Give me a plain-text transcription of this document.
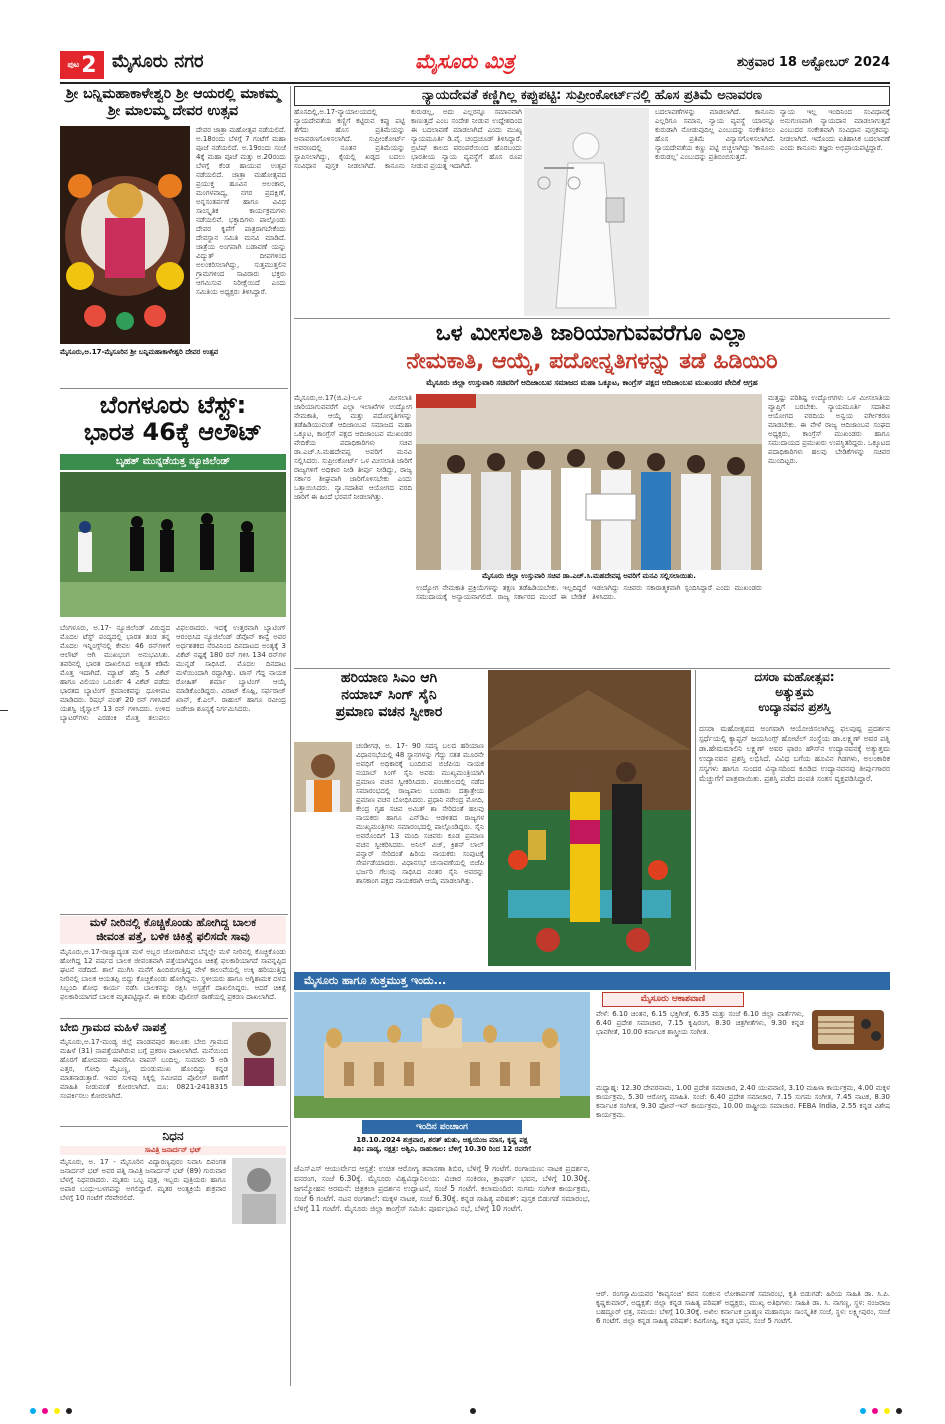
ಪುಟ 2 ಮೈಸೂರು ನಗರ	ಮೈಸೂರು ಮಿತ್ರ	ಶುಕ್ರವಾರ 18 ಅಕ್ಟೋಬರ್ 2024
ಶ್ರೀ ಬನ್ನಿಮಹಾಕಾಳೇಶ್ವರಿ ಶ್ರೀ ಆಯರಲ್ಲಿ ಮಾಕಮ್ಮ ಶ್ರೀ ಮಾಲಮ್ಮ ದೇವರ ಉತ್ಸವ
ದೇವರ ಜಾತ್ರಾ ಮಹೋತ್ಸವ ನಡೆಯಲಿದೆ. ಅ.18ರಂದು ಬೆಳಗ್ಗೆ 7 ಗಂಟೆಗೆ ಮಹಾ ಪೂಜೆ ನಡೆಯಲಿದೆ. ಅ.19ರಂದು ಸಂಜೆ 4ಕ್ಕೆ ಮಹಾ ಪೂಜೆ ಮತ್ತು ಅ.20ರಂದು ಬೆಳಗ್ಗೆ ಕೆಂಡ ಹಾಯುವ ಉತ್ಸವ ನಡೆಯಲಿದೆ. ಜಾತ್ರಾ ಮಹೋತ್ಸವದ ಪ್ರಯುಕ್ತ ಹೂವಿನ ಅಲಂಕಾರ, ಮಂಗಳವಾದ್ಯ, ನಗರ ಪ್ರದಕ್ಷಿಣೆ, ಅನ್ನಸಂತರ್ಪಣೆ ಹಾಗೂ ವಿವಿಧ ಸಾಂಸ್ಕೃತಿಕ ಕಾರ್ಯಕ್ರಮಗಳು ನಡೆಯಲಿವೆ. ಭಕ್ತಾದಿಗಳು ಪಾಲ್ಗೊಂಡು ದೇವರ ಕೃಪೆಗೆ ಪಾತ್ರರಾಗಬೇಕೆಂದು ದೇವಸ್ಥಾನ ಸಮಿತಿ ಮನವಿ ಮಾಡಿದೆ. ಜಾತ್ರೆಯ ಅಂಗವಾಗಿ ಬಡಾವಣೆ ಯನ್ನು ವಿದ್ಯುತ್ ದೀಪಗಳಿಂದ ಅಲಂಕರಿಸಲಾಗಿದ್ದು, ಸುತ್ತಮುತ್ತಲಿನ ಗ್ರಾಮಗಳಿಂದ ಸಾವಿರಾರು ಭಕ್ತರು ಆಗಮಿಸುವ ನಿರೀಕ್ಷೆಯಿದೆ ಎಂದು ಸಮಿತಿಯ ಅಧ್ಯಕ್ಷರು ತಿಳಿಸಿದ್ದಾರೆ.
ಮೈಸೂರು,ಅ.17-ಮೈಸೂರಿನ ಶ್ರೀ ಬನ್ನಿಮಹಾಕಾಳೇಶ್ವರಿ ದೇವರ ಉತ್ಸವ
ಬೆಂಗಳೂರು ಟೆಸ್ಟ್:
ಭಾರತ 46ಕ್ಕೆ ಆಲೌಟ್
ಬೃಹತ್ ಮುನ್ನಡೆಯತ್ತ ನ್ಯೂಜಿಲೆಂಡ್
ಬೆಂಗಳೂರು, ಅ.17- ನ್ಯೂಜಿಲೆಂಡ್ ವಿರುದ್ಧದ ಮೊದಲ ಟೆಸ್ಟ್ ಪಂದ್ಯದಲ್ಲಿ ಭಾರತ ತಂಡ ತನ್ನ ಮೊದಲ ಇನ್ನಿಂಗ್ಸ್‌ನಲ್ಲಿ ಕೇವಲ 46 ರನ್‌ಗಳಿಗೆ ಆಲೌಟ್ ಆಗಿ ಮುಖಭಂಗ ಅನುಭವಿಸಿತು. ತವರಿನಲ್ಲಿ ಭಾರತ ದಾಖಲಿಸಿದ ಅತ್ಯಂತ ಕಡಿಮೆ ಮೊತ್ತ ಇದಾಗಿದೆ. ಮ್ಯಾಟ್ ಹೆನ್ರಿ 5 ವಿಕೆಟ್ ಹಾಗೂ ವಿಲಿಯಂ ಒರೂರ್ಕೆ 4 ವಿಕೆಟ್ ಪಡೆದು ಭಾರತದ ಬ್ಯಾಟಿಂಗ್ ಕ್ರಮಾಂಕವನ್ನು ಧೂಳೀಪಟ ಮಾಡಿದರು. ರಿಷಭ್ ಪಂತ್ 20 ರನ್ ಗಳಿಸಿದರೆ ಯಶಸ್ವಿ ಜೈಸ್ವಾಲ್ 13 ರನ್ ಗಳಿಸಿದರು. ಉಳಿದ ಬ್ಯಾಟರ್‌ಗಳು ಎರಡಂಕಿ ಮೊತ್ತ ತಲುಪಲು ವಿಫಲರಾದರು. ಇದಕ್ಕೆ ಉತ್ತರವಾಗಿ ಬ್ಯಾಟಿಂಗ್ ಆರಂಭಿಸಿದ ನ್ಯೂಜಿಲೆಂಡ್ ಡೆವೊನ್ ಕಾನ್ವೆ ಅವರ ಅರ್ಧಶತಕದ ನೆರವಿನಿಂದ ದಿನದಾಟದ ಅಂತ್ಯಕ್ಕೆ 3 ವಿಕೆಟ್ ನಷ್ಟಕ್ಕೆ 180 ರನ್ ಗಳಿಸಿ 134 ರನ್‌ಗಳ ಮುನ್ನಡೆ ಸಾಧಿಸಿದೆ. ಮೊದಲ ದಿನದಾಟ ಮಳೆಯಿಂದಾಗಿ ರದ್ದಾಗಿತ್ತು. ಟಾಸ್ ಗೆದ್ದ ನಾಯಕ ರೋಹಿತ್ ಶರ್ಮಾ ಬ್ಯಾಟಿಂಗ್ ಆಯ್ಕೆ ಮಾಡಿಕೊಂಡಿದ್ದರು. ವಿರಾಟ್ ಕೊಹ್ಲಿ, ಸರ್ಫರಾಜ್ ಖಾನ್, ಕೆ.ಎಲ್. ರಾಹುಲ್ ಹಾಗೂ ರವೀಂದ್ರ ಜಡೇಜಾ ಶೂನ್ಯಕ್ಕೆ ನಿರ್ಗಮಿಸಿದರು.
ಮಳೆ ನೀರಿನಲ್ಲಿ ಕೊಚ್ಚಿಕೊಂಡು ಹೋಗಿದ್ದ ಬಾಲಕ
ಜೀವಂತ ಪತ್ತೆ, ಬಳಿಕ ಚಿಕಿತ್ಸೆ ಫಲಿಸದೇ ಸಾವು
ಮೈಸೂರು,ಅ.17-ರಾಜ್ಯಾದ್ಯಂತ ಮಳೆ ಅಬ್ಬರ ಜೋರಾಗಿರುವ ಬೆನ್ನಲ್ಲೇ ಮಳೆ ನೀರಿನಲ್ಲಿ ಕೊಚ್ಚಿಕೊಂಡು ಹೋಗಿದ್ದ 12 ವರ್ಷದ ಬಾಲಕ ಜೀವಂತವಾಗಿ ಪತ್ತೆಯಾಗಿದ್ದರೂ ಚಿಕಿತ್ಸೆ ಫಲಕಾರಿಯಾಗದೆ ಸಾವನ್ನಪ್ಪಿದ ಘಟನೆ ನಡೆದಿದೆ. ಶಾಲೆ ಮುಗಿಸಿ ಮನೆಗೆ ಹಿಂದಿರುಗುತ್ತಿದ್ದ ವೇಳೆ ಕಾಲುವೆಯಲ್ಲಿ ಉಕ್ಕಿ ಹರಿಯುತ್ತಿದ್ದ ನೀರಿನಲ್ಲಿ ಬಾಲಕ ಆಯತಪ್ಪಿ ಬಿದ್ದು ಕೊಚ್ಚಿಕೊಂಡು ಹೋಗಿದ್ದನು. ಸ್ಥಳೀಯರು ಹಾಗೂ ಅಗ್ನಿಶಾಮಕ ದಳದ ಸಿಬ್ಬಂದಿ ಶೋಧ ಕಾರ್ಯ ನಡೆಸಿ ಬಾಲಕನನ್ನು ರಕ್ಷಿಸಿ ಆಸ್ಪತ್ರೆಗೆ ದಾಖಲಿಸಿದ್ದರು. ಆದರೆ ಚಿಕಿತ್ಸೆ ಫಲಕಾರಿಯಾಗದೆ ಬಾಲಕ ಮೃತಪಟ್ಟಿದ್ದಾನೆ. ಈ ಕುರಿತು ಪೊಲೀಸ್ ಠಾಣೆಯಲ್ಲಿ ಪ್ರಕರಣ ದಾಖಲಾಗಿದೆ.
ಬೇಬಿ ಗ್ರಾಮದ ಮಹಿಳೆ ನಾಪತ್ತೆ
ಮೈಸೂರು,ಅ.17-ಮಂಡ್ಯ ಜಿಲ್ಲೆ ಪಾಂಡವಪುರ ತಾಲೂಕು ಬೇಬಿ ಗ್ರಾಮದ ಮಹಿಳೆ (31) ನಾಪತ್ತೆಯಾಗಿರುವ ಬಗ್ಗೆ ಪ್ರಕರಣ ದಾಖಲಾಗಿದೆ. ಮನೆಯಿಂದ ಹೊರಗೆ ಹೋದವರು ಈವರೆಗೂ ವಾಪಸ್ ಬಂದಿಲ್ಲ. ಸುಮಾರು 5 ಅಡಿ ಎತ್ತರ, ಗೋಧಿ ಮೈಬಣ್ಣ, ದುಂಡುಮುಖ ಹೊಂದಿದ್ದು ಕನ್ನಡ ಮಾತನಾಡುತ್ತಾರೆ. ಇವರ ಸುಳಿವು ಸಿಕ್ಕಲ್ಲಿ ಸಮೀಪದ ಪೊಲೀಸ್ ಠಾಣೆಗೆ ಮಾಹಿತಿ ನೀಡುವಂತೆ ಕೋರಲಾಗಿದೆ. ದೂ: 0821-2418315 ಸಂಪರ್ಕಿಸಲು ಕೋರಲಾಗಿದೆ.
ನಿಧನ
ಸಾವಿತ್ರಿ ಜನಾರ್ದನ್ ಭಟ್
ಮೈಸೂರು, ಅ. 17 - ಮೈಸೂರಿನ ವಿದ್ಯಾರಣ್ಯಪುರಂ ನಿವಾಸಿ ದಿವಂಗತ ಜನಾರ್ದನ್ ಭಟ್ ಅವರ ಪತ್ನಿ ಸಾವಿತ್ರಿ ಜನಾರ್ದನ್ ಭಟ್ (89) ಗುರುವಾರ ಬೆಳಗ್ಗೆ ನಿಧನರಾದರು. ಮೃತರು ಒಬ್ಬ ಪುತ್ರ, ಇಬ್ಬರು ಪುತ್ರಿಯರು ಹಾಗೂ ಅಪಾರ ಬಂಧು-ಬಳಗವನ್ನು ಅಗಲಿದ್ದಾರೆ. ಮೃತರ ಅಂತ್ಯಕ್ರಿಯೆ ಶುಕ್ರವಾರ ಬೆಳಗ್ಗೆ 10 ಗಂಟೆಗೆ ನೆರವೇರಲಿದೆ.
ನ್ಯಾಯದೇವತೆ ಕಣ್ಣಿಗಿಲ್ಲ ಕಪ್ಪುಪಟ್ಟಿ: ಸುಪ್ರೀಂಕೋರ್ಟ್‌ನಲ್ಲಿ ಹೊಸ ಪ್ರತಿಮೆ ಅನಾವರಣ
ಹೊಸದಿಲ್ಲಿ,ಅ.17-ನ್ಯಾಯಾಲಯದಲ್ಲಿ ನ್ಯಾಯದೇವತೆಯ ಕಣ್ಣಿಗೆ ಕಟ್ಟಿರುವ ಕಪ್ಪು ಪಟ್ಟಿ ತೆಗೆದು ಹೊಸ ಪ್ರತಿಮೆಯನ್ನು ಅನಾವರಣಗೊಳಿಸಲಾಗಿದೆ. ಸುಪ್ರೀಂಕೋರ್ಟ್ ಆವರಣದಲ್ಲಿ ನೂತನ ಪ್ರತಿಮೆಯನ್ನು ಸ್ಥಾಪಿಸಲಾಗಿದ್ದು, ಕೈಯಲ್ಲಿ ಖಡ್ಗದ ಬದಲು ಸಂವಿಧಾನ ಪುಸ್ತಕ ನೀಡಲಾಗಿದೆ. ಕಾನೂನು ಕುರುಡಲ್ಲ, ಅದು ಎಲ್ಲರನ್ನೂ ಸಮಾನವಾಗಿ ಕಾಣುತ್ತದೆ ಎಂಬ ಸಂದೇಶ ನೀಡುವ ಉದ್ದೇಶದಿಂದ ಈ ಬದಲಾವಣೆ ಮಾಡಲಾಗಿದೆ ಎಂದು ಮುಖ್ಯ ನ್ಯಾಯಮೂರ್ತಿ ಡಿ.ವೈ. ಚಂದ್ರಚೂಡ್ ತಿಳಿಸಿದ್ದಾರೆ. ಬ್ರಿಟಿಷ್ ಕಾಲದ ಪರಂಪರೆಯಿಂದ ಹೊರಬಂದು ಭಾರತೀಯ ನ್ಯಾಯ ವ್ಯವಸ್ಥೆಗೆ ಹೊಸ ರೂಪ ನೀಡುವ ಪ್ರಯತ್ನ ಇದಾಗಿದೆ.
ಬದಲಾವಣೆಗಳನ್ನು ಮಾಡಲಾಗಿದೆ. ಕಾನೂನು ಎಲ್ಲರಿಗೂ ಸಮಾನ, ನ್ಯಾಯ ವ್ಯವಸ್ಥೆ ಯಾರನ್ನೂ ಕುರುಡಾಗಿ ನೋಡುವುದಿಲ್ಲ ಎಂಬುದನ್ನು ಸಂಕೇತಿಸಲು ಹೊಸ ಪ್ರತಿಮೆ ವಿನ್ಯಾಸಗೊಳಿಸಲಾಗಿದೆ. ನ್ಯಾಯದೇವತೆಯ ಕಣ್ಣು ಪಟ್ಟಿ ಬಿಚ್ಚಲಾಗಿದ್ದು 'ಕಾನೂನು ಕುರುಡಲ್ಲ' ಎಂಬುದನ್ನು ಪ್ರತಿಬಿಂಬಿಸುತ್ತದೆ.
ನ್ಯಾಯ ಇಲ್ಲ ಇಂದಿನಿಂದ ಸಂವಿಧಾನಕ್ಕೆ ಅನುಗುಣವಾಗಿ ನ್ಯಾಯದಾನ ಮಾಡಲಾಗುತ್ತದೆ ಎಂಬುದರ ಸಂಕೇತವಾಗಿ ಸಂವಿಧಾನ ಪುಸ್ತಕವನ್ನು ನೀಡಲಾಗಿದೆ. ಇದೊಂದು ಐತಿಹಾಸಿಕ ಬದಲಾವಣೆ ಎಂದು ಕಾನೂನು ತಜ್ಞರು ಅಭಿಪ್ರಾಯಪಟ್ಟಿದ್ದಾರೆ.
ಒಳ ಮೀಸಲಾತಿ ಜಾರಿಯಾಗುವವರೆಗೂ ಎಲ್ಲಾ
ನೇಮಕಾತಿ, ಆಯ್ಕೆ, ಪದೋನ್ನತಿಗಳನ್ನು ತಡೆ ಹಿಡಿಯಿರಿ
ಮೈಸೂರು ಜಿಲ್ಲಾ ಉಸ್ತುವಾರಿ ಸಚಿವರಿಗೆ ಆದಿಜಾಂಬವ ಸಮಾಜದ ಮಹಾ ಒಕ್ಕೂಟ, ಕಾಂಗ್ರೆಸ್ ಪಕ್ಷದ ಆದಿಜಾಂಬವ ಮುಖಂಡರ ವೇದಿಕೆ ಆಗ್ರಹ
ಮೈಸೂರು,ಅ.17(ಜಿ.ಎ)-ಒಳ ಮೀಸಲಾತಿ ಜಾರಿಯಾಗುವವರೆಗೆ ಎಲ್ಲಾ ಇಲಾಖೆಗಳ ಉದ್ಯೋಗ ನೇಮಕಾತಿ, ಆಯ್ಕೆ ಮತ್ತು ಪದೋನ್ನತಿಗಳನ್ನು ತಡೆಹಿಡಿಯುವಂತೆ ಆದಿಜಾಂಬವ ಸಮಾಜದ ಮಹಾ ಒಕ್ಕೂಟ, ಕಾಂಗ್ರೆಸ್ ಪಕ್ಷದ ಆದಿಜಾಂಬವ ಮುಖಂಡರ ವೇದಿಕೆಯ ಪದಾಧಿಕಾರಿಗಳು ಸಚಿವ ಡಾ.ಎಚ್.ಸಿ.ಮಹದೇವಪ್ಪ ಅವರಿಗೆ ಮನವಿ ಸಲ್ಲಿಸಿದರು. ಸುಪ್ರೀಂಕೋರ್ಟ್ ಒಳ ಮೀಸಲಾತಿ ಜಾರಿಗೆ ರಾಜ್ಯಗಳಿಗೆ ಅಧಿಕಾರ ನೀಡಿ ತೀರ್ಪು ನೀಡಿದ್ದು, ರಾಜ್ಯ ಸರ್ಕಾರ ಶೀಘ್ರವಾಗಿ ಜಾರಿಗೊಳಿಸಬೇಕು ಎಂದು ಒತ್ತಾಯಿಸಿದರು. ನ್ಯಾ.ಸದಾಶಿವ ಆಯೋಗದ ವರದಿ ಜಾರಿಗೆ ಈ ಹಿಂದೆ ಭರವಸೆ ನೀಡಲಾಗಿತ್ತು.
ಮೈಸೂರು ಜಿಲ್ಲಾ ಉಸ್ತುವಾರಿ ಸಚಿವ ಡಾ.ಎಚ್.ಸಿ.ಮಹದೇವಪ್ಪ ಅವರಿಗೆ ಮನವಿ ಸಲ್ಲಿಸಲಾಯಿತು.
ಉದ್ಯೋಗ ನೇಮಕಾತಿ ಪ್ರಕ್ರಿಯೆಗಳನ್ನು ತಕ್ಷಣ ತಡೆಹಿಡಿಯಬೇಕು. ಇಲ್ಲದಿದ್ದರೆ ಸಮುದಾಯಕ್ಕೆ ಅನ್ಯಾಯವಾಗಲಿದೆ. ರಾಜ್ಯ ಸರ್ಕಾರದ ಮುಂದೆ ಈ ಬೇಡಿಕೆ ಇಡಲಾಗಿದ್ದು ಸಚಿವರು ಸಕಾರಾತ್ಮಕವಾಗಿ ಸ್ಪಂದಿಸಿದ್ದಾರೆ ಎಂದು ಮುಖಂಡರು ತಿಳಿಸಿದರು.
ಮತ್ತಷ್ಟು ಪರಿಶಿಷ್ಟ ಉದ್ಯೋಗಗಳು ಒಳ ಮೀಸಲಾತಿಯ ವ್ಯಾಪ್ತಿಗೆ ಬರಬೇಕು. ನ್ಯಾಯಮೂರ್ತಿ ಸದಾಶಿವ ಆಯೋಗದ ವರದಿಯ ಅನ್ವಯ ವರ್ಗೀಕರಣ ಮಾಡಬೇಕು. ಈ ವೇಳೆ ರಾಜ್ಯ ಆದಿಜಾಂಬವ ಸಂಘದ ಅಧ್ಯಕ್ಷರು, ಕಾಂಗ್ರೆಸ್ ಮುಖಂಡರು ಹಾಗೂ ಸಮುದಾಯದ ಪ್ರಮುಖರು ಉಪಸ್ಥಿತರಿದ್ದರು. ಒಕ್ಕೂಟದ ಪದಾಧಿಕಾರಿಗಳು ಹಲವು ಬೇಡಿಕೆಗಳನ್ನು ಸಚಿವರ ಮುಂದಿಟ್ಟರು.
ಹರಿಯಾಣ ಸಿಎಂ ಆಗಿ
ನಯಾಬ್ ಸಿಂಗ್ ಸೈನಿ
ಪ್ರಮಾಣ ವಚನ ಸ್ವೀಕಾರ
ಚಂಡೀಗಢ, ಅ. 17- 90 ಸದಸ್ಯ ಬಲದ ಹರಿಯಾಣ ವಿಧಾನಸಭೆಯಲ್ಲಿ 48 ಸ್ಥಾನಗಳನ್ನು ಗೆದ್ದು ಸತತ ಮೂರನೇ ಅವಧಿಗೆ ಅಧಿಕಾರಕ್ಕೆ ಬಂದಿರುವ ಬಿಜೆಪಿಯ ನಾಯಕ ನಯಾಬ್ ಸಿಂಗ್ ಸೈನಿ ಅವರು ಮುಖ್ಯಮಂತ್ರಿಯಾಗಿ ಪ್ರಮಾಣ ವಚನ ಸ್ವೀಕರಿಸಿದರು. ಪಂಚಕುಲದಲ್ಲಿ ನಡೆದ ಸಮಾರಂಭದಲ್ಲಿ ರಾಜ್ಯಪಾಲ ಬಂಡಾರು ದತ್ತಾತ್ರೇಯ ಪ್ರಮಾಣ ವಚನ ಬೋಧಿಸಿದರು. ಪ್ರಧಾನಿ ನರೇಂದ್ರ ಮೋದಿ, ಕೇಂದ್ರ ಗೃಹ ಸಚಿವ ಅಮಿತ್ ಶಾ ಸೇರಿದಂತೆ ಹಲವು ನಾಯಕರು ಹಾಗೂ ಎನ್‌ಡಿಎ ಆಡಳಿತದ ರಾಜ್ಯಗಳ ಮುಖ್ಯಮಂತ್ರಿಗಳು ಸಮಾರಂಭದಲ್ಲಿ ಪಾಲ್ಗೊಂಡಿದ್ದರು. ಸೈನಿ ಅವರೊಂದಿಗೆ 13 ಮಂದಿ ಸಚಿವರು ಕೂಡ ಪ್ರಮಾಣ ವಚನ ಸ್ವೀಕರಿಸಿದರು. ಅನಿಲ್ ವಿಜ್, ಕ್ರಿಶನ್ ಲಾಲ್ ಪನ್ವಾರ್ ಸೇರಿದಂತೆ ಹಿರಿಯ ನಾಯಕರು ಸಂಪುಟಕ್ಕೆ ಸೇರ್ಪಡೆಯಾದರು. ವಿಧಾನಸಭೆ ಚುನಾವಣೆಯಲ್ಲಿ ಬಿಜೆಪಿ ಭರ್ಜರಿ ಗೆಲುವು ಸಾಧಿಸಿದ ನಂತರ ಸೈನಿ ಅವರನ್ನು ಶಾಸಕಾಂಗ ಪಕ್ಷದ ನಾಯಕರಾಗಿ ಆಯ್ಕೆ ಮಾಡಲಾಗಿತ್ತು.
ದಸರಾ ಮಹೋತ್ಸವ:
ಅತ್ಯುತ್ತಮ
ಉದ್ಯಾನವನ ಪ್ರಶಸ್ತಿ
ದಸರಾ ಮಹೋತ್ಸವದ ಅಂಗವಾಗಿ ಆಯೋಜಿಸಲಾಗಿದ್ದ ಫಲಪುಷ್ಪ ಪ್ರದರ್ಶನ ಸ್ಪರ್ಧೆಯಲ್ಲಿ ಕ್ಯಾಪ್ಟನ್ ಜಯಸಿಂಗ್ಸ್ ಹೋಟೆಲ್ ಸಂಸ್ಥೆಯ ಡಾ.ಲಕ್ಷ್ಮಣ್ ಅವರ ಪತ್ನಿ ಡಾ.ಹೇಮಮಾಲಿನಿ ಲಕ್ಷ್ಮಣ್ ಅವರ ಫಾರಂ ಹೌಸ್‌ನ ಉದ್ಯಾನವನಕ್ಕೆ ಅತ್ಯುತ್ತಮ ಉದ್ಯಾನವನ ಪ್ರಶಸ್ತಿ ಲಭಿಸಿದೆ. ವಿವಿಧ ಬಗೆಯ ಹೂವಿನ ಗಿಡಗಳು, ಅಲಂಕಾರಿಕ ಸಸ್ಯಗಳು ಹಾಗೂ ಸುಂದರ ವಿನ್ಯಾಸದಿಂದ ಕೂಡಿದ ಉದ್ಯಾನವನವು ತೀರ್ಪುಗಾರರ ಮೆಚ್ಚುಗೆಗೆ ಪಾತ್ರವಾಯಿತು. ಪ್ರಶಸ್ತಿ ಪಡೆದ ದಂಪತಿ ಸಂತಸ ವ್ಯಕ್ತಪಡಿಸಿದ್ದಾರೆ.
ಮೈಸೂರು ಹಾಗೂ ಸುತ್ತಮುತ್ತ ಇಂದು...
ಇಂದಿನ ಪಂಚಾಂಗ
18.10.2024 ಶುಕ್ರವಾರ, ಶರತ್ ಋತು, ಆಶ್ವಯುಜ ಮಾಸ, ಕೃಷ್ಣ ಪಕ್ಷ
ತಿಥಿ: ಪಾಡ್ಯ, ನಕ್ಷತ್ರ: ಅಶ್ವಿನಿ, ರಾಹುಕಾಲ: ಬೆಳಿಗ್ಗೆ 10.30 ರಿಂದ 12 ರವರೆಗೆ
ಜೆಎಸ್‌ಎಸ್ ಆಯುರ್ವೇದ ಆಸ್ಪತ್ರೆ: ಉಚಿತ ಆರೋಗ್ಯ ತಪಾಸಣಾ ಶಿಬಿರ, ಬೆಳಿಗ್ಗೆ 9 ಗಂಟೆಗೆ. ರಂಗಾಯಣ: ನಾಟಕ ಪ್ರದರ್ಶನ, ವನರಂಗ, ಸಂಜೆ 6.30ಕ್ಕೆ. ಮೈಸೂರು ವಿಶ್ವವಿದ್ಯಾನಿಲಯ: ವಿಚಾರ ಸಂಕಿರಣ, ಕ್ರಾಫರ್ಡ್ ಭವನ, ಬೆಳಿಗ್ಗೆ 10.30ಕ್ಕೆ. ಜಗನ್ಮೋಹನ ಅರಮನೆ: ಚಿತ್ರಕಲಾ ಪ್ರದರ್ಶನ ಉದ್ಘಾಟನೆ, ಸಂಜೆ 5 ಗಂಟೆಗೆ. ಕಲಾಮಂದಿರ: ಸುಗಮ ಸಂಗೀತ ಕಾರ್ಯಕ್ರಮ, ಸಂಜೆ 6 ಗಂಟೆಗೆ. ನಟನ ರಂಗಶಾಲೆ: ಮಕ್ಕಳ ನಾಟಕ, ಸಂಜೆ 6.30ಕ್ಕೆ. ಕನ್ನಡ ಸಾಹಿತ್ಯ ಪರಿಷತ್: ಪುಸ್ತಕ ಬಿಡುಗಡೆ ಸಮಾರಂಭ, ಬೆಳಿಗ್ಗೆ 11 ಗಂಟೆಗೆ. ಮೈಸೂರು ಜಿಲ್ಲಾ ಕಾಂಗ್ರೆಸ್ ಸಮಿತಿ: ಪೂರ್ವಭಾವಿ ಸಭೆ, ಬೆಳಿಗ್ಗೆ 10 ಗಂಟೆಗೆ.
ಮೈಸೂರು ಆಕಾಶವಾಣಿ
ವೇಳೆ: 6.10 ಚಿಂತನ, 6.15 ಭಕ್ತಿಗೀತೆ, 6.35 ಮತ್ತು ಸಂಜೆ 6.10 ಜಿಲ್ಲಾ ವಾರ್ತೆಗಳು, 6.40 ಪ್ರದೇಶ ಸಮಾಚಾರ, 7.15 ಕೃಷಿರಂಗ, 8.30 ಚಿತ್ರಗೀತೆಗಳು, 9.30 ಕನ್ನಡ ಭಾವಗೀತೆ, 10.00 ಕರ್ನಾಟಕ ಶಾಸ್ತ್ರೀಯ ಸಂಗೀತ.
ಮಧ್ಯಾಹ್ನ: 12.30 ದೇವರನಾಮ, 1.00 ಪ್ರದೇಶ ಸಮಾಚಾರ, 2.40 ಯುವವಾಣಿ, 3.10 ಮಹಿಳಾ ಕಾರ್ಯಕ್ರಮ, 4.00 ಮಕ್ಕಳ ಕಾರ್ಯಕ್ರಮ, 5.30 ಆರೋಗ್ಯ ಮಾಹಿತಿ. ಸಂಜೆ: 6.40 ಪ್ರದೇಶ ಸಮಾಚಾರ, 7.15 ಸುಗಮ ಸಂಗೀತ, 7.45 ನಾಟಕ, 8.30 ಕರ್ನಾಟಕ ಸಂಗೀತ, 9.30 ಫೋನ್-ಇನ್ ಕಾರ್ಯಕ್ರಮ, 10.00 ರಾಷ್ಟ್ರೀಯ ಸಮಾಚಾರ. FEBA India, 2.55 ಕನ್ನಡ ವಿಶೇಷ ಕಾರ್ಯಕ್ರಮ.
ಆರ್. ರಂಗಸ್ವಾಮಿಯವರ 'ಕಾವ್ಯಸಂಚಿ' ಕವನ ಸಂಕಲನ ಲೋಕಾರ್ಪಣೆ ಸಮಾರಂಭ, ಕೃತಿ ಬಿಡುಗಡೆ: ಹಿರಿಯ ಸಾಹಿತಿ ಡಾ. ಸಿ.ಪಿ. ಕೃಷ್ಣಕುಮಾರ್, ಅಧ್ಯಕ್ಷತೆ: ಜಿಲ್ಲಾ ಕನ್ನಡ ಸಾಹಿತ್ಯ ಪರಿಷತ್ ಅಧ್ಯಕ್ಷರು, ಮುಖ್ಯ ಅತಿಥಿಗಳು: ಸಾಹಿತಿ ಡಾ. ಸಿ. ನಾಗಣ್ಣ, ಸ್ಥಳ: ನಂಜರಾಜ ಬಹದ್ದೂರ್ ಛತ್ರ, ಸಮಯ: ಬೆಳಿಗ್ಗೆ 10.30ಕ್ಕೆ. ಅಖಿಲ ಕರ್ನಾಟಕ ಬ್ರಾಹ್ಮಣ ಮಹಾಸಭಾ: ಸಾಂಸ್ಕೃತಿಕ ಸಂಜೆ, ಸ್ಥಳ: ಲಕ್ಷ್ಮೀಪುರಂ, ಸಂಜೆ 6 ಗಂಟೆಗೆ. ಜಿಲ್ಲಾ ಕನ್ನಡ ಸಾಹಿತ್ಯ ಪರಿಷತ್: ಕವಿಗೋಷ್ಠಿ, ಕನ್ನಡ ಭವನ, ಸಂಜೆ 5 ಗಂಟೆಗೆ.
